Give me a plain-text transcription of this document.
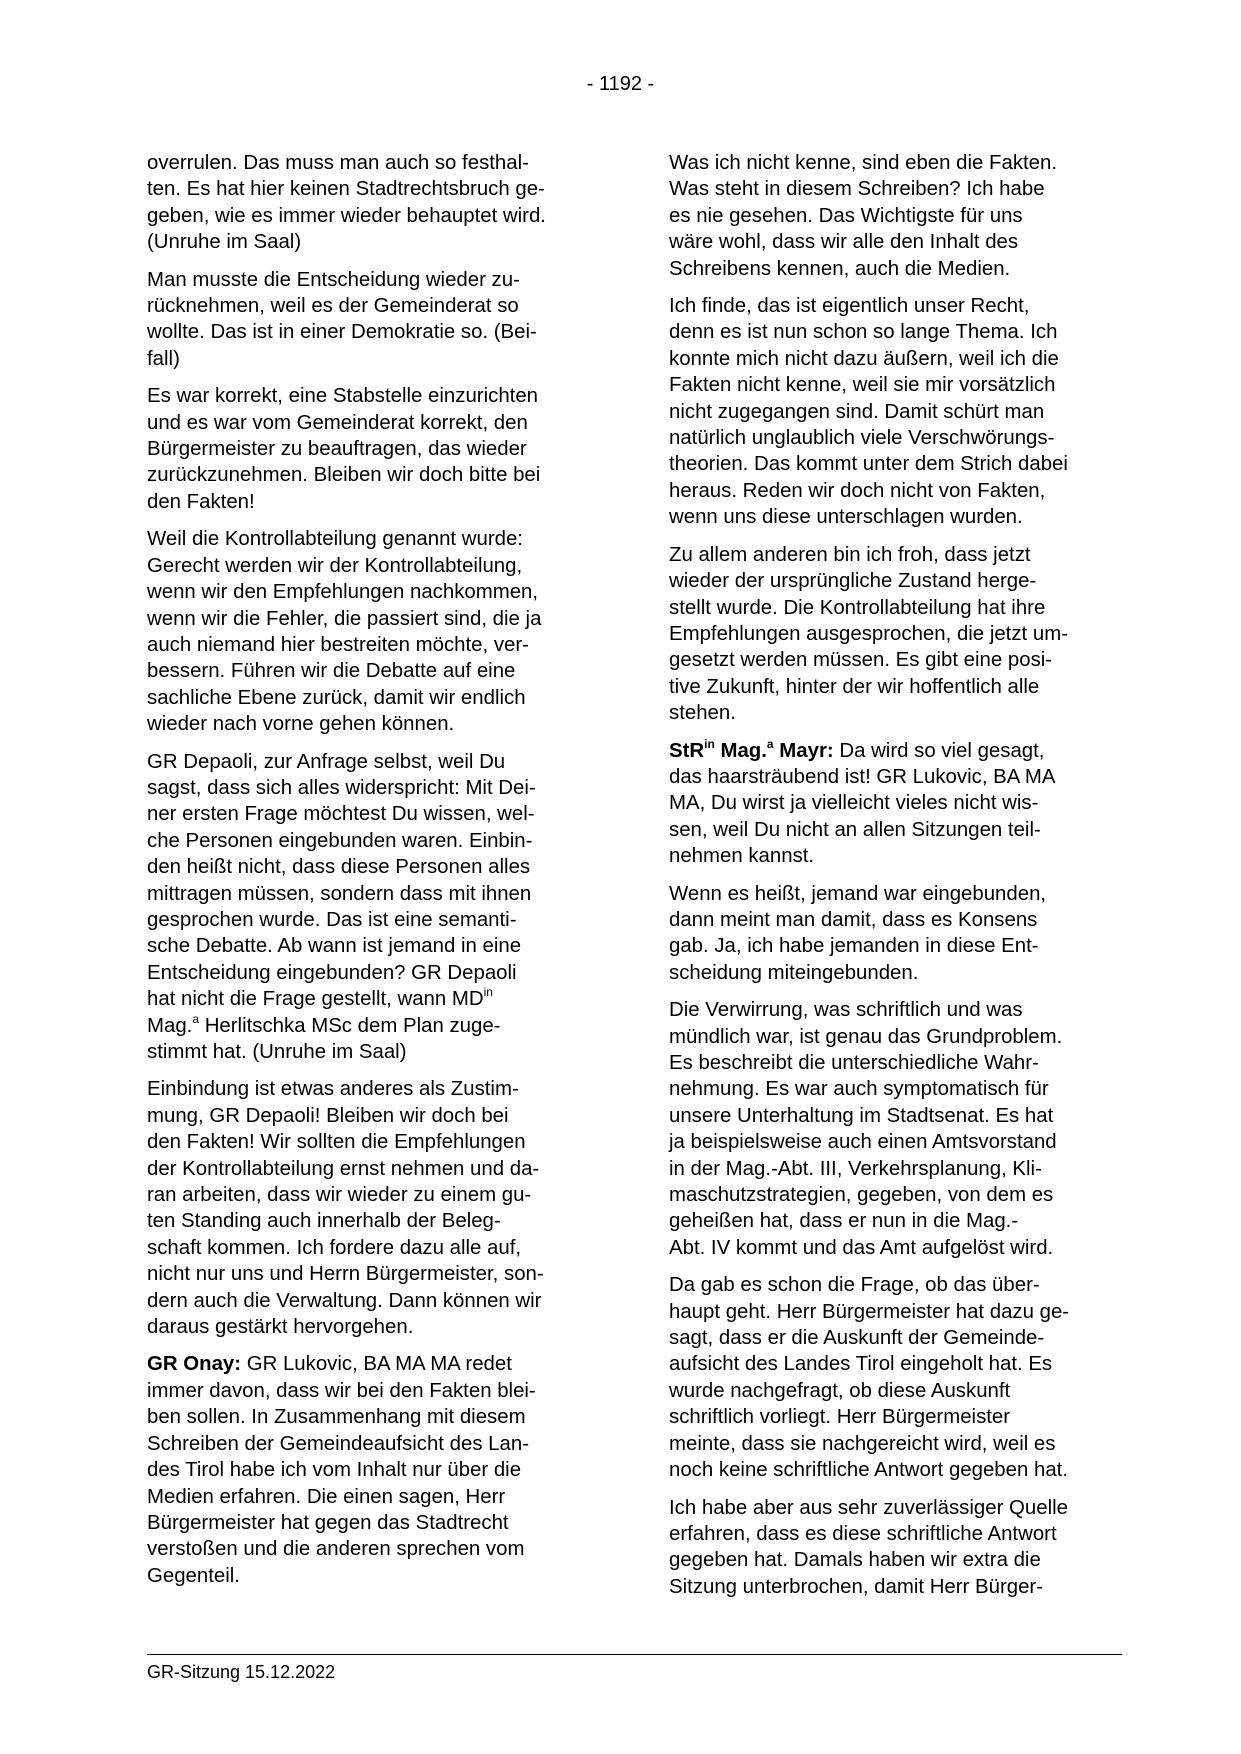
- 1192 -

overrulen. Das muss man auch so festhal-
ten. Es hat hier keinen Stadtrechtsbruch ge-
geben, wie es immer wieder behauptet wird.
(Unruhe im Saal)

Man musste die Entscheidung wieder zu-
rücknehmen, weil es der Gemeinderat so
wollte. Das ist in einer Demokratie so. (Bei-
fall)

Es war korrekt, eine Stabstelle einzurichten
und es war vom Gemeinderat korrekt, den
Bürgermeister zu beauftragen, das wieder
zurückzunehmen. Bleiben wir doch bitte bei
den Fakten!

Weil die Kontrollabteilung genannt wurde:
Gerecht werden wir der Kontrollabteilung,
wenn wir den Empfehlungen nachkommen,
wenn wir die Fehler, die passiert sind, die ja
auch niemand hier bestreiten möchte, ver-
bessern. Führen wir die Debatte auf eine
sachliche Ebene zurück, damit wir endlich
wieder nach vorne gehen können.

GR Depaoli, zur Anfrage selbst, weil Du
sagst, dass sich alles widerspricht: Mit Dei-
ner ersten Frage möchtest Du wissen, wel-
che Personen eingebunden waren. Einbin-
den heißt nicht, dass diese Personen alles
mittragen müssen, sondern dass mit ihnen
gesprochen wurde. Das ist eine semanti-
sche Debatte. Ab wann ist jemand in eine
Entscheidung eingebunden? GR Depaoli
hat nicht die Frage gestellt, wann $MD^{in}$
Mag.$^a$ Herlitschka MSc dem Plan zuge-
stimmt hat. (Unruhe im Saal)

Einbindung ist etwas anderes als Zustim-
mung, GR Depaoli! Bleiben wir doch bei
den Fakten! Wir sollten die Empfehlungen
der Kontrollabteilung ernst nehmen und da-
ran arbeiten, dass wir wieder zu einem gu-
ten Standing auch innerhalb der Beleg-
schaft kommen. Ich fordere dazu alle auf,
nicht nur uns und Herrn Bürgermeister, son-
dern auch die Verwaltung. Dann können wir
daraus gestärkt hervorgehen.

GR Onay: GR Lukovic, BA MA MA redet
immer davon, dass wir bei den Fakten blei-
ben sollen. In Zusammenhang mit diesem
Schreiben der Gemeindeaufsicht des Lan-
des Tirol habe ich vom Inhalt nur über die
Medien erfahren. Die einen sagen, Herr
Bürgermeister hat gegen das Stadtrecht
verstoßen und die anderen sprechen vom
Gegenteil.

Was ich nicht kenne, sind eben die Fakten.
Was steht in diesem Schreiben? Ich habe
es nie gesehen. Das Wichtigste für uns
wäre wohl, dass wir alle den Inhalt des
Schreibens kennen, auch die Medien.

Ich finde, das ist eigentlich unser Recht,
denn es ist nun schon so lange Thema. Ich
konnte mich nicht dazu äußern, weil ich die
Fakten nicht kenne, weil sie mir vorsätzlich
nicht zugegangen sind. Damit schürt man
natürlich unglaublich viele Verschwörungs-
theorien. Das kommt unter dem Strich dabei
heraus. Reden wir doch nicht von Fakten,
wenn uns diese unterschlagen wurden.

Zu allem anderen bin ich froh, dass jetzt
wieder der ursprüngliche Zustand herge-
stellt wurde. Die Kontrollabteilung hat ihre
Empfehlungen ausgesprochen, die jetzt um-
gesetzt werden müssen. Es gibt eine posi-
tive Zukunft, hinter der wir hoffentlich alle
stehen.

StR$^{in}$ Mag.$^a$ Mayr: Da wird so viel gesagt,
das haarsträubend ist! GR Lukovic, BA MA
MA, Du wirst ja vielleicht vieles nicht wis-
sen, weil Du nicht an allen Sitzungen teil-
nehmen kannst.

Wenn es heißt, jemand war eingebunden,
dann meint man damit, dass es Konsens
gab. Ja, ich habe jemanden in diese Ent-
scheidung miteingebunden.

Die Verwirrung, was schriftlich und was
mündlich war, ist genau das Grundproblem.
Es beschreibt die unterschiedliche Wahr-
nehmung. Es war auch symptomatisch für
unsere Unterhaltung im Stadtsenat. Es hat
ja beispielsweise auch einen Amtsvorstand
in der Mag.-Abt. III, Verkehrsplanung, Kli-
maschutzstrategien, gegeben, von dem es
geheißen hat, dass er nun in die Mag.-
Abt. IV kommt und das Amt aufgelöst wird.

Da gab es schon die Frage, ob das über-
haupt geht. Herr Bürgermeister hat dazu ge-
sagt, dass er die Auskunft der Gemeinde-
aufsicht des Landes Tirol eingeholt hat. Es
wurde nachgefragt, ob diese Auskunft
schriftlich vorliegt. Herr Bürgermeister
meinte, dass sie nachgereicht wird, weil es
noch keine schriftliche Antwort gegeben hat.

Ich habe aber aus sehr zuverlässiger Quelle
erfahren, dass es diese schriftliche Antwort
gegeben hat. Damals haben wir extra die
Sitzung unterbrochen, damit Herr Bürger-

GR-Sitzung 15.12.2022
